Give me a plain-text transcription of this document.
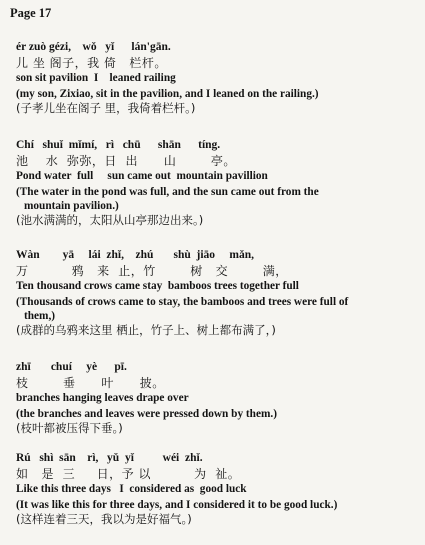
Page 17
ér zuò gézi,    wǒ   yǐ      lán'gān.
儿 坐 阁子，我 倚   栏杆。
son sit pavilion  I    leaned railing
(my son, Zixiao, sit in the pavilion, and I leaned on the railing.)
(子孝儿坐在阁子 里，我倚着栏杆。)
Chí   shuǐ  mǐmí,   rì   chū      shān      tíng.
池    水  弥弥，日  出      山        亭。
Pond water  full     sun came out  mountain pavillion
(The water in the pond was full, and the sun came out from the
mountain pavilion.)
(池水满满的，太阳从山亭那边出来。)
Wàn        yā     lái  zhǐ,    zhú       shù  jiāo     mǎn,
万          鸦   来  止，竹        树   交        满，
Ten thousand crows came stay  bamboos trees together full
(Thousands of crows came to stay, the bamboos and trees were full of
them,)
(成群的乌鸦来这里 栖止，竹子上、树上都布满了，)
zhī       chuí     yè      pī.
枝        垂      叶      披。
branches hanging leaves drape over
(the branches and leaves were pressed down by them.)
(枝叶都被压得下垂。)
Rú   shì  sān    rì,   yǔ  yǐ          wéi  zhǐ.
如   是  三     日，予 以          为  祉。
Like this three days   I  considered as  good luck
(It was like this for three days, and I considered it to be good luck.)
(这样连着三天，我以为是好福气。)
